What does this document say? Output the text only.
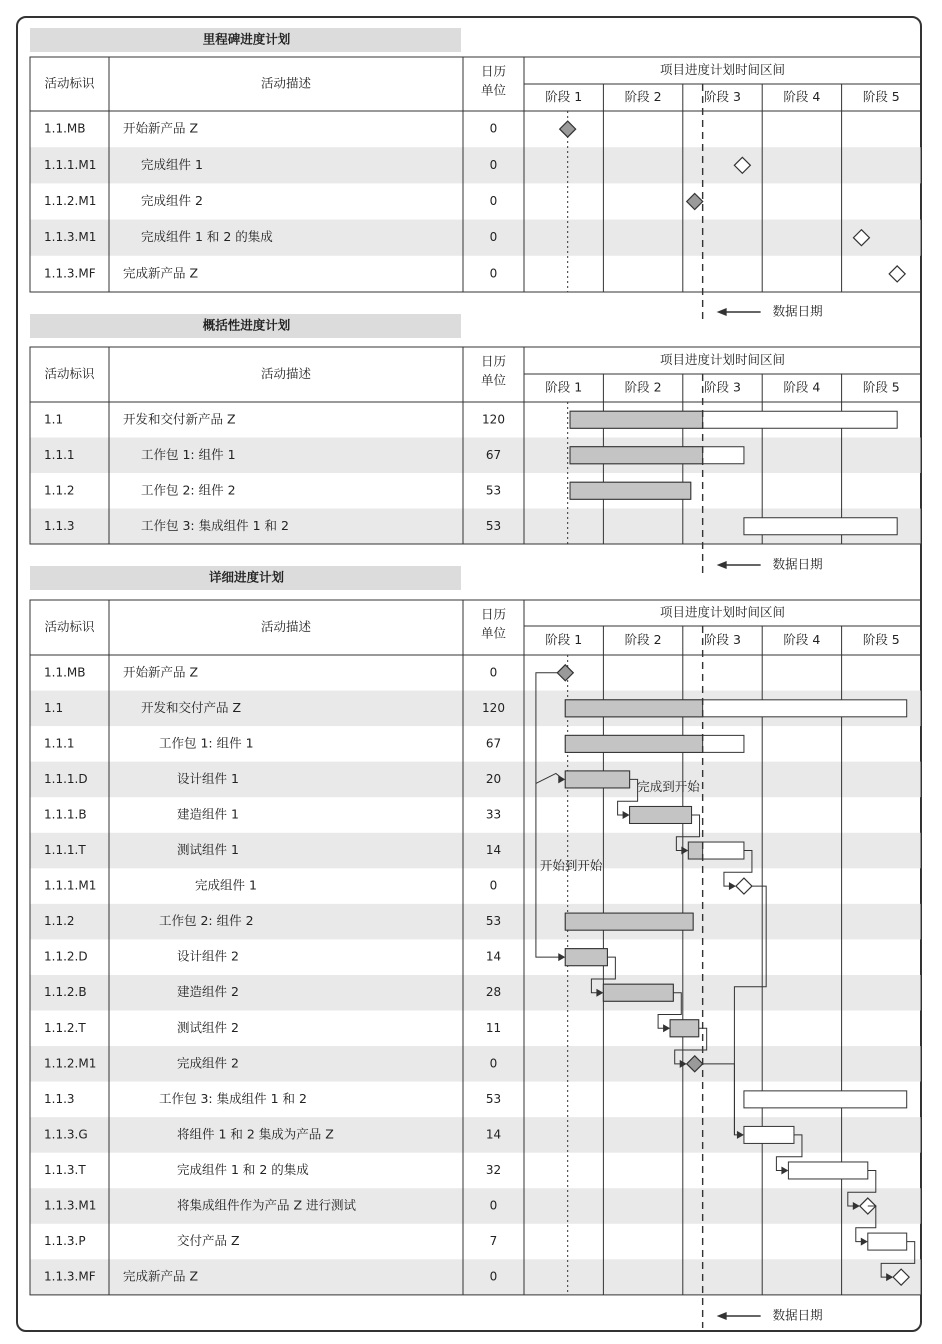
里程碑进度计划
活动标识	活动描述
日历
单位
项目进度计划时间区间
阶段 1	阶段 2	阶段 3	阶段 4	阶段 5
1.1.MB	开始新产品 Z	0
1.1.1.M1	完成组件 1	0
1.1.2.M1	完成组件 2	0
1.1.3.M1	完成组件 1 和 2 的集成	0
1.1.3.MF 完成新产品 Z	0
数据日期
概括性进度计划
活动标识	活动描述
日历
单位
项目进度计划时间区间
阶段 1	阶段 2	阶段 3	阶段 4	阶段 5
1.1	开发和交付新产品 Z	120
1.1.1	工作包 1: 组件 1	67
1.1.2	工作包 2: 组件 2	53
1.1.3	工作包 3: 集成组件 1 和 2	53
数据日期
详细进度计划
活动标识	活动描述
日历
单位
项目进度计划时间区间
阶段 1	阶段 2	阶段 3	阶段 4	阶段 5
1.1.MB	开始新产品 Z	0
1.1	开发和交付产品 Z	120
1.1.1	工作包 1: 组件 1	67
1.1.1.D	设计组件 1	20
1.1.1.B	建造组件 1	33
1.1.1.T	测试组件 1	14
1.1.1.M1	完成组件 1	0
1.1.2	工作包 2: 组件 2	53
1.1.2.D	设计组件 2	14
1.1.2.B	建造组件 2	28
1.1.2.T	测试组件 2	11
1.1.2.M1	完成组件 2	0
1.1.3	工作包 3: 集成组件 1 和 2	53
1.1.3.G	将组件 1 和 2 集成为产品 Z	14
1.1.3.T	完成组件 1 和 2 的集成	32
1.1.3.M1	将集成组件作为产品 Z 进行测试	0
1.1.3.P	交付产品 Z	7
1.1.3.MF 完成新产品 Z	0
数据日期
完成到开始
开始到开始
